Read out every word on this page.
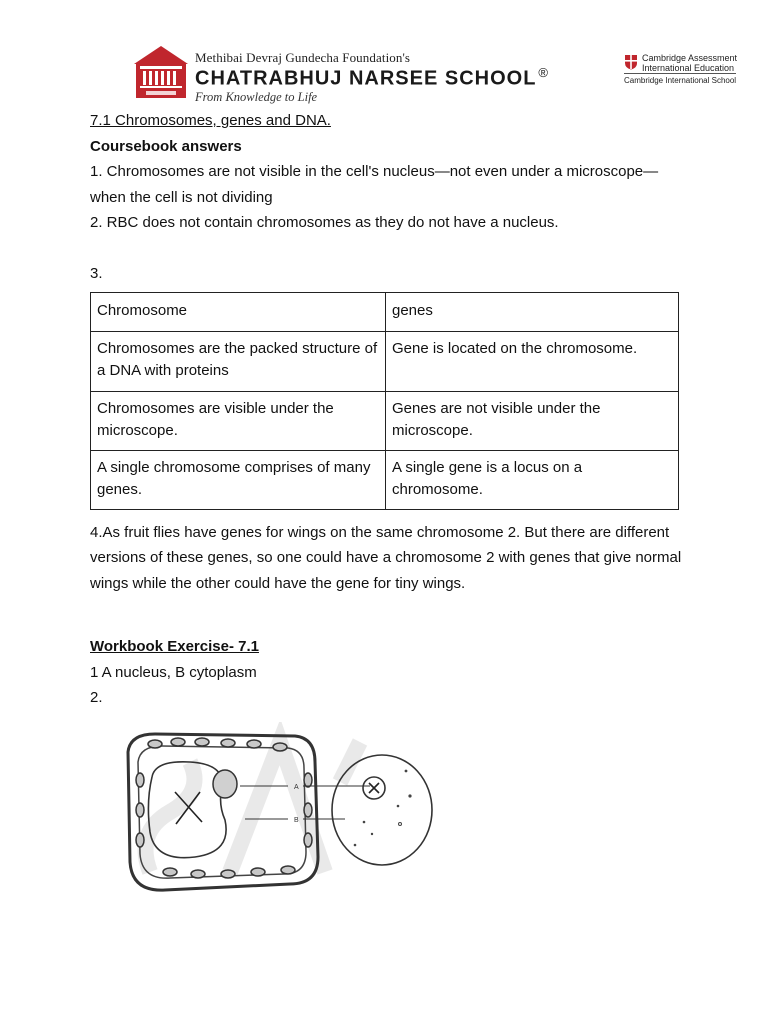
Methibai Devraj Gundecha Foundation's
CHATRABHUJ NARSEE SCHOOL ®
From Knowledge to Life
Cambridge Assessment
International Education
Cambridge International School

7.1 Chromosomes, genes and DNA.

Coursebook answers

1. Chromosomes are not visible in the cell's nucleus—not even under a microscope—when the cell is not dividing

2. RBC does not contain chromosomes as they do not have a nucleus.

3.

Chromosome	genes
Chromosomes are the packed structure of a DNA with proteins	Gene is located on the chromosome.
Chromosomes are visible under the microscope.	Genes are not visible under the microscope.
A single chromosome comprises of many genes.	A single gene is a locus on a chromosome.

4.As fruit flies have genes for wings on the same chromosome 2. But there are different versions of these genes, so one could have a chromosome 2 with genes that give normal wings while the other could have the gene for tiny wings.

Workbook Exercise- 7.1

1 A nucleus, B cytoplasm

2.

A
B
